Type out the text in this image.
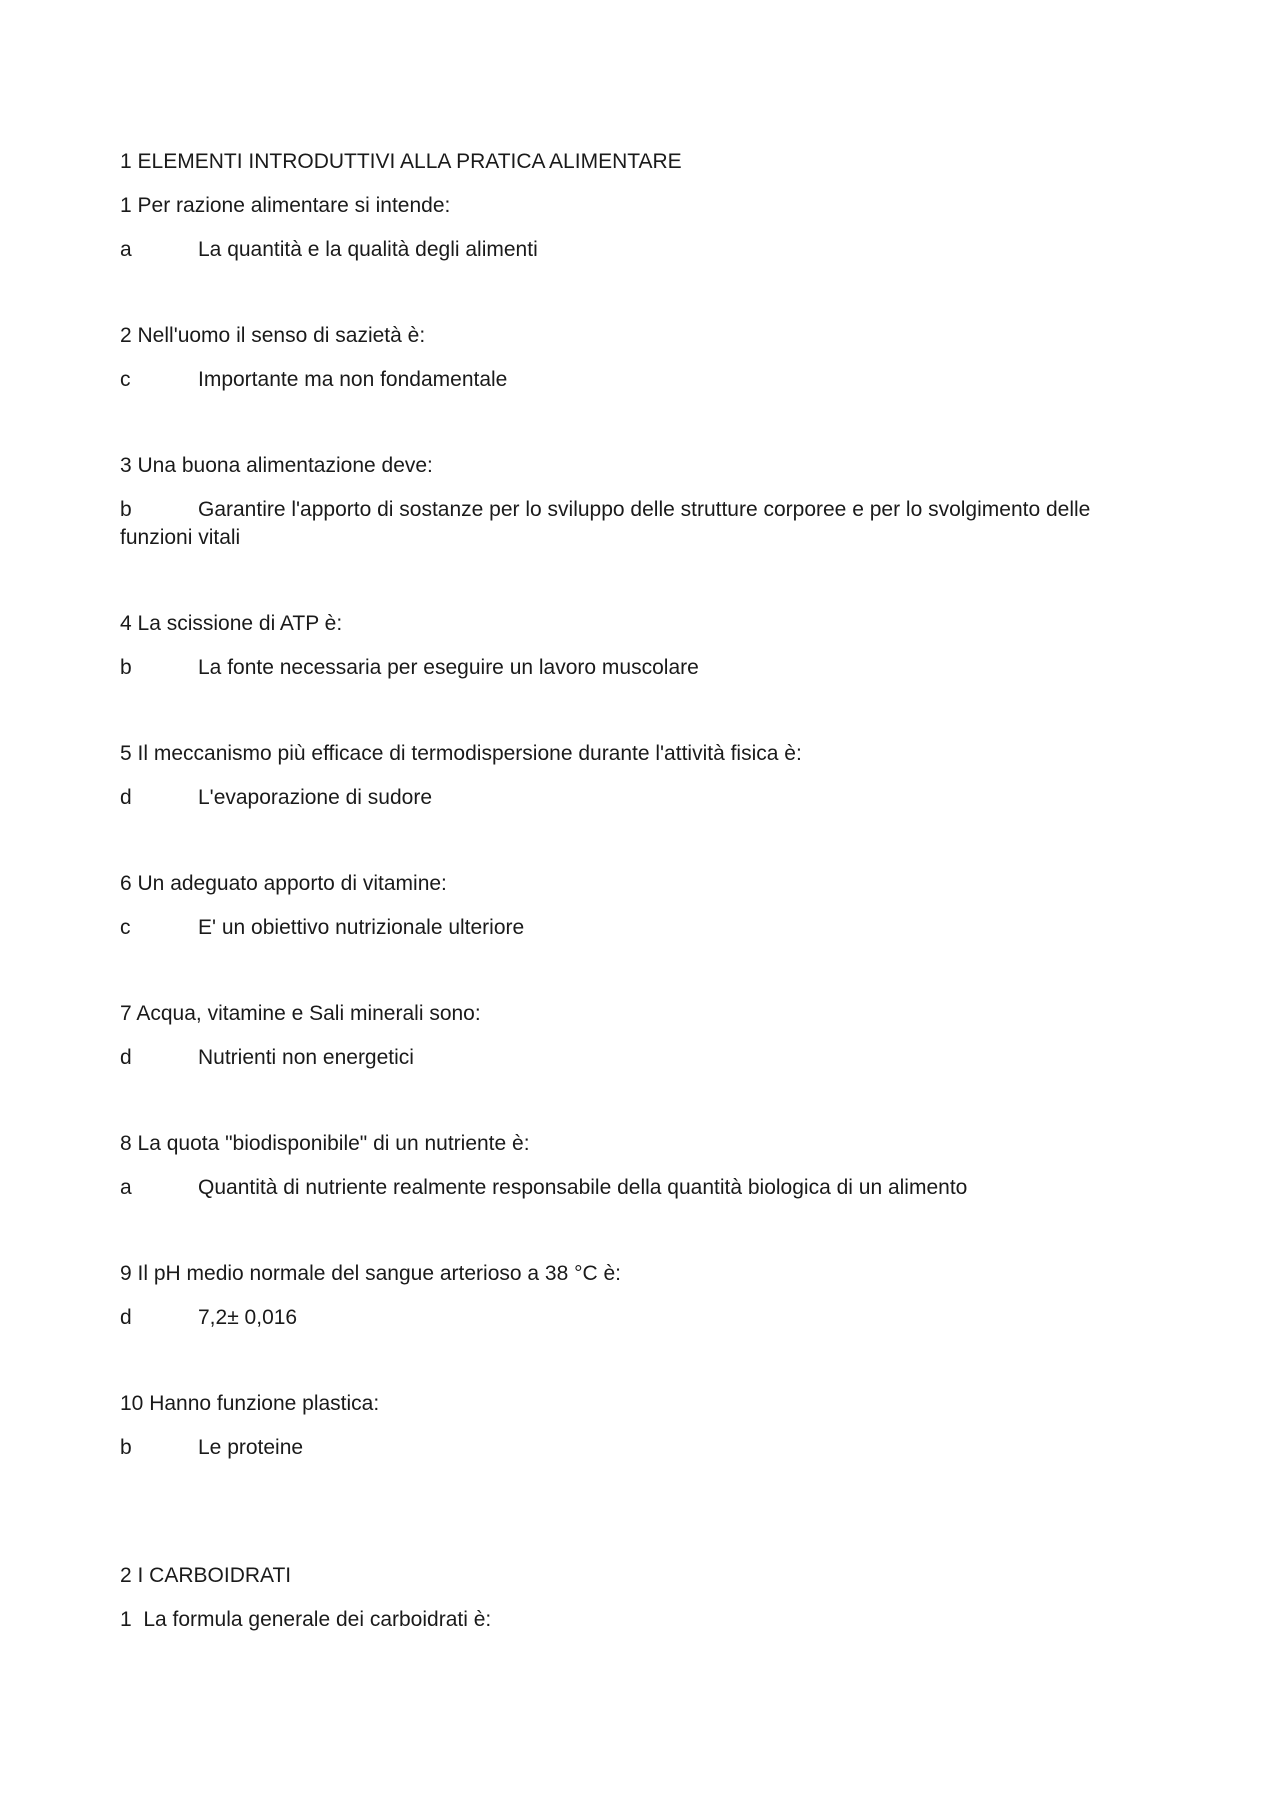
1 ELEMENTI INTRODUTTIVI ALLA PRATICA ALIMENTARE
1 Per razione alimentare si intende:
a	La quantità e la qualità degli alimenti
2 Nell'uomo il senso di sazietà è:
c	Importante ma non fondamentale
3 Una buona alimentazione deve:
b	Garantire l'apporto di sostanze per lo sviluppo delle strutture corporee e per lo svolgimento delle funzioni vitali
4 La scissione di ATP è:
b	La fonte necessaria per eseguire un lavoro muscolare
5 Il meccanismo più efficace di termodispersione durante l'attività fisica è:
d	L'evaporazione di sudore
6 Un adeguato apporto di vitamine:
c	E' un obiettivo nutrizionale ulteriore
7 Acqua, vitamine e Sali minerali sono:
d	Nutrienti non energetici
8 La quota "biodisponibile" di un nutriente è:
a	Quantità di nutriente realmente responsabile della quantità biologica di un alimento
9 Il pH medio normale del sangue arterioso a 38 °C è:
d	7,2± 0,016
10 Hanno funzione plastica:
b	Le proteine
2 I CARBOIDRATI
1  La formula generale dei carboidrati è:
